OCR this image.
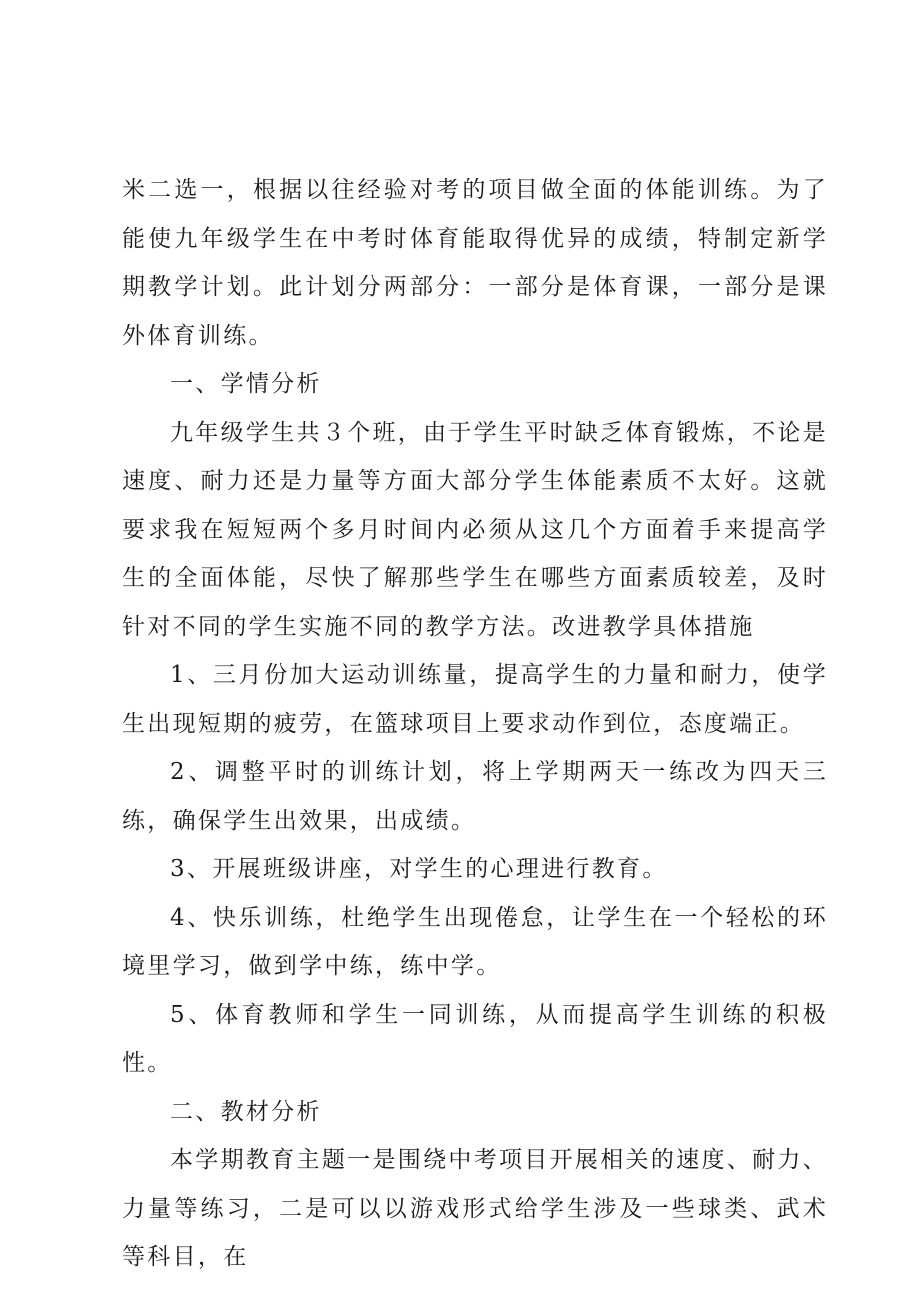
米二选一，根据以往经验对考的项目做全面的体能训练。为了能使九年级学生在中考时体育能取得优异的成绩，特制定新学期教学计划。此计划分两部分：一部分是体育课，一部分是课外体育训练。

一、学情分析

九年级学生共３个班，由于学生平时缺乏体育锻炼，不论是速度、耐力还是力量等方面大部分学生体能素质不太好。这就要求我在短短两个多月时间内必须从这几个方面着手来提高学生的全面体能，尽快了解那些学生在哪些方面素质较差，及时针对不同的学生实施不同的教学方法。改进教学具体措施

1、三月份加大运动训练量，提高学生的力量和耐力，使学生出现短期的疲劳，在篮球项目上要求动作到位，态度端正。

2、调整平时的训练计划，将上学期两天一练改为四天三练，确保学生出效果，出成绩。

3、开展班级讲座，对学生的心理进行教育。

4、快乐训练，杜绝学生出现倦怠，让学生在一个轻松的环境里学习，做到学中练，练中学。

5、体育教师和学生一同训练，从而提高学生训练的积极性。

二、教材分析

本学期教育主题一是围绕中考项目开展相关的速度、耐力、力量等练习，二是可以以游戏形式给学生涉及一些球类、武术等科目，在
